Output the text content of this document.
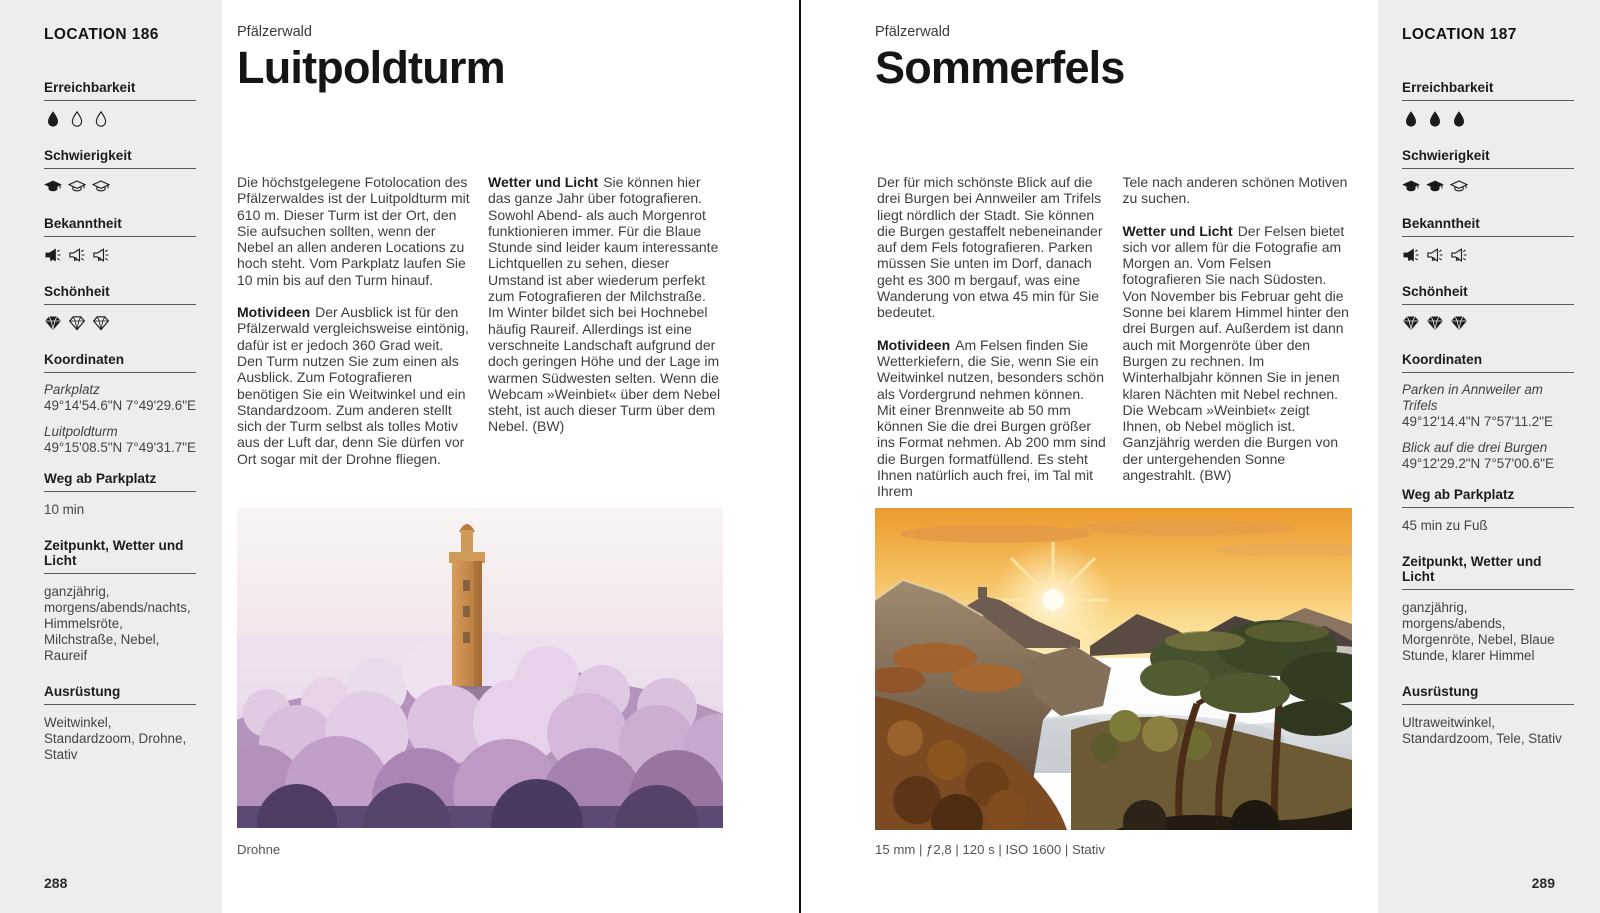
LOCATION 186
Erreichbarkeit
Schwierigkeit
Bekanntheit
Schönheit
Koordinaten
Parkplatz
49°14'54.6"N 7°49'29.6"E
Luitpoldturm
49°15'08.5"N 7°49'31.7"E
Weg ab Parkplatz
10 min
Zeitpunkt, Wetter und Licht
ganzjährig, morgens/abends/nachts, Himmelsröte, Milchstraße, Nebel, Raureif
Ausrüstung
Weitwinkel, Standardzoom, Drohne, Stativ
288
Pfälzerwald
Luitpoldturm

Die höchstgelegene Fotolocation des Pfälzerwaldes ist der Luitpoldturm mit 610 m. Dieser Turm ist der Ort, den Sie aufsuchen sollten, wenn der Nebel an allen anderen Locations zu hoch steht. Vom Parkplatz laufen Sie 10 min bis auf den Turm hinauf.

Motivideen Der Ausblick ist für den Pfälzerwald vergleichsweise eintönig, dafür ist er jedoch 360 Grad weit. Den Turm nutzen Sie zum einen als Ausblick. Zum Fotografieren benötigen Sie ein Weitwinkel und ein Standardzoom. Zum anderen stellt sich der Turm selbst als tolles Motiv aus der Luft dar, denn Sie dürfen vor Ort sogar mit der Drohne fliegen.

Wetter und Licht Sie können hier das ganze Jahr über fotografieren. Sowohl Abend- als auch Morgenrot funktionieren immer. Für die Blaue Stunde sind leider kaum interessante Lichtquellen zu sehen, dieser Umstand ist aber wiederum perfekt zum Fotografieren der Milchstraße. Im Winter bildet sich bei Hochnebel häufig Raureif. Allerdings ist eine verschneite Landschaft aufgrund der doch geringen Höhe und der Lage im warmen Südwesten selten. Wenn die Webcam »Weinbiet« über dem Nebel steht, ist auch dieser Turm über dem Nebel. (BW)

Drohne
Pfälzerwald
Sommerfels

Der für mich schönste Blick auf die drei Burgen bei Annweiler am Trifels liegt nördlich der Stadt. Sie können die Burgen gestaffelt nebeneinander auf dem Fels fotografieren. Parken müssen Sie unten im Dorf, danach geht es 300 m bergauf, was eine Wanderung von etwa 45 min für Sie bedeutet.

Motivideen Am Felsen finden Sie Wetterkiefern, die Sie, wenn Sie ein Weitwinkel nutzen, besonders schön als Vordergrund nehmen können. Mit einer Brennweite ab 50 mm können Sie die drei Burgen größer ins Format nehmen. Ab 200 mm sind die Burgen formatfüllend. Es steht Ihnen natürlich auch frei, im Tal mit Ihrem

Tele nach anderen schönen Motiven zu suchen.

Wetter und Licht Der Felsen bietet sich vor allem für die Fotografie am Morgen an. Vom Felsen fotografieren Sie nach Südosten. Von November bis Februar geht die Sonne bei klarem Himmel hinter den drei Burgen auf. Außerdem ist dann auch mit Morgenröte über den Burgen zu rechnen. Im Winterhalbjahr können Sie in jenen klaren Nächten mit Nebel rechnen. Die Webcam »Weinbiet« zeigt Ihnen, ob Nebel möglich ist. Ganzjährig werden die Burgen von der untergehenden Sonne angestrahlt. (BW)

15 mm | ƒ2,8 | 120 s | ISO 1600 | Stativ
LOCATION 187
Erreichbarkeit
Schwierigkeit
Bekanntheit
Schönheit
Koordinaten
Parken in Annweiler am Trifels
49°12'14.4"N 7°57'11.2"E
Blick auf die drei Burgen
49°12'29.2"N 7°57'00.6"E
Weg ab Parkplatz
45 min zu Fuß
Zeitpunkt, Wetter und Licht
ganzjährig, morgens/abends, Morgenröte, Nebel, Blaue Stunde, klarer Himmel
Ausrüstung
Ultraweitwinkel, Standardzoom, Tele, Stativ
289
